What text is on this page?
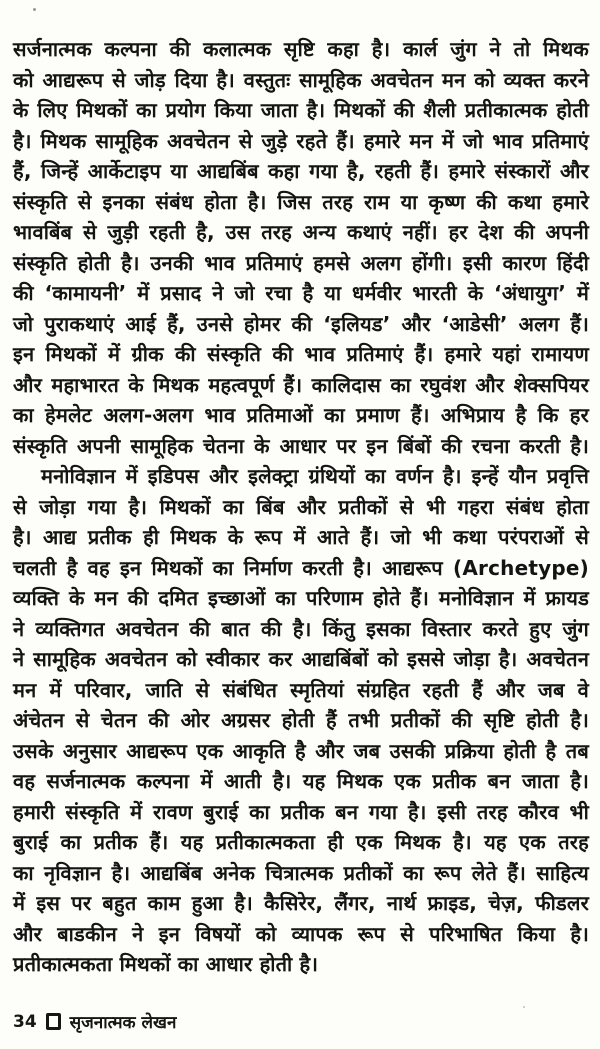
सर्जनात्मक कल्पना की कलात्मक सृष्टि कहा है। कार्ल जुंग ने तो मिथक
को आद्यरूप से जोड़ दिया है। वस्तुतः सामूहिक अवचेतन मन को व्यक्त करने
के लिए मिथकों का प्रयोग किया जाता है। मिथकों की शैली प्रतीकात्मक होती
है। मिथक सामूहिक अवचेतन से जुड़े रहते हैं। हमारे मन में जो भाव प्रतिमाएं
हैं, जिन्हें आर्केटाइप या आद्यबिंब कहा गया है, रहती हैं। हमारे संस्कारों और
संस्कृति से इनका संबंध होता है। जिस तरह राम या कृष्ण की कथा हमारे
भावबिंब से जुड़ी रहती है, उस तरह अन्य कथाएं नहीं। हर देश की अपनी
संस्कृति होती है। उनकी भाव प्रतिमाएं हमसे अलग होंगी। इसी कारण हिंदी
की ‘कामायनी’ में प्रसाद ने जो रचा है या धर्मवीर भारती के ‘अंधायुग’ में
जो पुराकथाएं आई हैं, उनसे होमर की ‘इलियड’ और ‘आडेसी’ अलग हैं।
इन मिथकों में ग्रीक की संस्कृति की भाव प्रतिमाएं हैं। हमारे यहां रामायण
और महाभारत के मिथक महत्वपूर्ण हैं। कालिदास का रघुवंश और शेक्सपियर
का हेमलेट अलग-अलग भाव प्रतिमाओं का प्रमाण हैं। अभिप्राय है कि हर
संस्कृति अपनी सामूहिक चेतना के आधार पर इन बिंबों की रचना करती है।
मनोविज्ञान में इडिपस और इलेक्ट्रा ग्रंथियों का वर्णन है। इन्हें यौन प्रवृत्ति
से जोड़ा गया है। मिथकों का बिंब और प्रतीकों से भी गहरा संबंध होता
है। आद्य प्रतीक ही मिथक के रूप में आते हैं। जो भी कथा परंपराओं से
चलती है वह इन मिथकों का निर्माण करती है। आद्यरूप (Archetype)
व्यक्ति के मन की दमित इच्छाओं का परिणाम होते हैं। मनोविज्ञान में फ्रायड
ने व्यक्तिगत अवचेतन की बात की है। किंतु इसका विस्तार करते हुए जुंग
ने सामूहिक अवचेतन को स्वीकार कर आद्यबिंबों को इससे जोड़ा है। अवचेतन
मन में परिवार, जाति से संबंधित स्मृतियां संग्रहित रहती हैं और जब वे
अंचेतन से चेतन की ओर अग्रसर होती हैं तभी प्रतीकों की सृष्टि होती है।
उसके अनुसार आद्यरूप एक आकृति है और जब उसकी प्रक्रिया होती है तब
वह सर्जनात्मक कल्पना में आती है। यह मिथक एक प्रतीक बन जाता है।
हमारी संस्कृति में रावण बुराई का प्रतीक बन गया है। इसी तरह कौरव भी
बुराई का प्रतीक हैं। यह प्रतीकात्मकता ही एक मिथक है। यह एक तरह
का नृविज्ञान है। आद्यबिंब अनेक चित्रात्मक प्रतीकों का रूप लेते हैं। साहित्य
में इस पर बहुत काम हुआ है। कैसिरेर, लैंगर, नार्थ फ्राइड, चेज़, फीडलर
और बाडकीन ने इन विषयों को व्यापक रूप से परिभाषित किया है।
प्रतीकात्मकता मिथकों का आधार होती है।
34 सृजनात्मक लेखन
